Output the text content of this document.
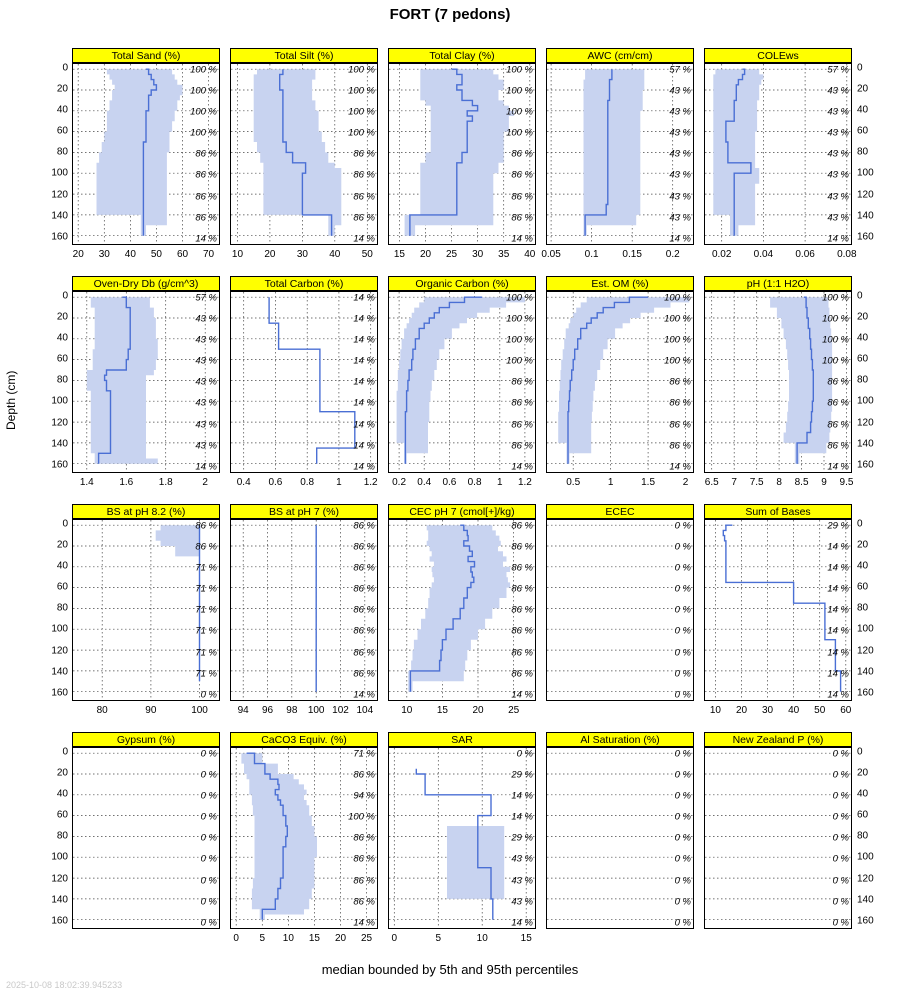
FORT (7 pedons)
Depth (cm)
median bounded by 5th and 95th percentiles
2025-10-08 18:02:39.945233
Total Sand (%)
100 %
100 %
100 %
100 %
86 %
86 %
86 %
86 %
14 %
20 30 40 50 60 70
0
20
40
60
80
100
120
140
160
Total Silt (%)
100 %
100 %
100 %
100 %
86 %
86 %
86 %
86 %
14 %
10 20 30 40 50
Total Clay (%)
100 %
100 %
100 %
100 %
86 %
86 %
86 %
86 %
14 %
15 20 25 30 35 40
AWC (cm/cm)
57 %
43 %
43 %
43 %
43 %
43 %
43 %
43 %
14 %
0.05 0.1 0.15 0.2
COLEws
57 %
43 %
43 %
43 %
43 %
43 %
43 %
43 %
14 %
0.02 0.04 0.06 0.08
0
20
40
60
80
100
120
140
160
Oven-Dry Db (g/cm^3)
57 %
43 %
43 %
43 %
43 %
43 %
43 %
43 %
14 %
1.4	1.6	1.8	2
0
20
40
60
80
100
120
140
160
Total Carbon (%)
14 %
14 %
14 %
14 %
14 %
14 %
14 %
14 %
14 %
0.4 0.6 0.8 1 1.2
Organic Carbon (%)
100 %
100 %
100 %
100 %
86 %
86 %
86 %
86 %
14 %
0.2 0.4 0.6 0.8 1 1.2
Est. OM (%)
100 %
100 %
100 %
100 %
86 %
86 %
86 %
86 %
14 %
0.5	1	1.5	2
pH (1:1 H2O)
100 %
100 %
100 %
100 %
86 %
86 %
86 %
86 %
14 %
6.5 7 7.5 8 8.5 9 9.5
0
20
40
60
80
100
120
140
160
BS at pH 8.2 (%)
86 %
86 %
71 %
71 %
71 %
71 %
71 %
71 %
0 %
80	90	100
0
20
40
60
80
100
120
140
160
BS at pH 7 (%)
86 %
86 %
86 %
86 %
86 %
86 %
86 %
86 %
14 %
94 96 98 100 102 104
CEC pH 7 (cmol[+]/kg)
86 %
86 %
86 %
86 %
86 %
86 %
86 %
86 %
14 %
10 15 20 25
ECEC
0 %
0 %
0 %
0 %
0 %
0 %
0 %
0 %
0 %
Sum of Bases
29 %
14 %
14 %
14 %
14 %
14 %
14 %
14 %
14 %
10 20 30 40 50 60
0
20
40
60
80
100
120
140
160
Gypsum (%)
0 %
0 %
0 %
0 %
0 %
0 %
0 %
0 %
0 %
0
20
40
60
80
100
120
140
160
CaCO3 Equiv. (%)
71 %
86 %
94 %
100 %
86 %
86 %
86 %
86 %
14 %
0 5 10 15 20 25
SAR
0 %
29 %
14 %
14 %
29 %
43 %
43 %
43 %
14 %
0	5	10	15
Al Saturation (%)
0 %
0 %
0 %
0 %
0 %
0 %
0 %
0 %
0 %
New Zealand P (%)
0 %
0 %
0 %
0 %
0 %
0 %
0 %
0 %
0 %
0
20
40
60
80
100
120
140
160
